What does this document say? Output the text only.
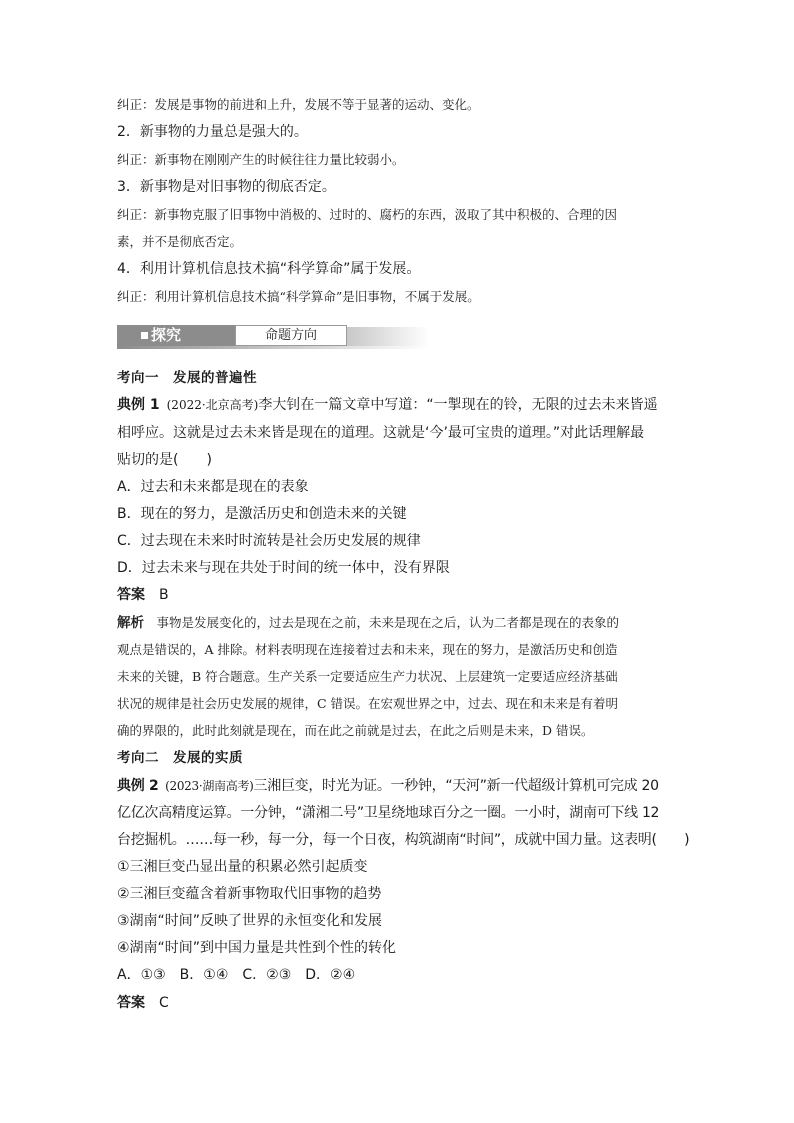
纠正：发展是事物的前进和上升，发展不等于显著的运动、变化。
2．新事物的力量总是强大的。
纠正：新事物在刚刚产生的时候往往力量比较弱小。
3．新事物是对旧事物的彻底否定。
纠正：新事物克服了旧事物中消极的、过时的、腐朽的东西，汲取了其中积极的、合理的因
素，并不是彻底否定。
4．利用计算机信息技术搞“科学算命”属于发展。
纠正：利用计算机信息技术搞“科学算命”是旧事物，不属于发展。
探究	命题方向
考向一　发展的普遍性
典例 1  (2022·北京高考)李大钊在一篇文章中写道：“一掣现在的铃，无限的过去未来皆遥
相呼应。这就是过去未来皆是现在的道理。这就是‘今’最可宝贵的道理。”对此话理解最
贴切的是(　　)
A．过去和未来都是现在的表象
B．现在的努力，是激活历史和创造未来的关键
C．过去现在未来时时流转是社会历史发展的规律
D．过去未来与现在共处于时间的统一体中，没有界限
答案  B
解析  事物是发展变化的，过去是现在之前，未来是现在之后，认为二者都是现在的表象的
观点是错误的，A 排除。材料表明现在连接着过去和未来，现在的努力，是激活历史和创造
未来的关键，B 符合题意。生产关系一定要适应生产力状况、上层建筑一定要适应经济基础
状况的规律是社会历史发展的规律，C 错误。在宏观世界之中，过去、现在和未来是有着明
确的界限的，此时此刻就是现在，而在此之前就是过去，在此之后则是未来，D 错误。
考向二　发展的实质
典例 2  (2023·湖南高考)三湘巨变，时光为证。一秒钟，“天河”新一代超级计算机可完成 20
亿亿次高精度运算。一分钟，“潇湘二号”卫星绕地球百分之一圈。一小时，湖南可下线 12
台挖掘机。……每一秒，每一分，每一个日夜，构筑湖南“时间”，成就中国力量。这表明(　　)
①三湘巨变凸显出量的积累必然引起质变
②三湘巨变蕴含着新事物取代旧事物的趋势
③湖南“时间”反映了世界的永恒变化和发展
④湖南“时间”到中国力量是共性到个性的转化
A．①③　B．①④　C．②③　D．②④
答案  C
